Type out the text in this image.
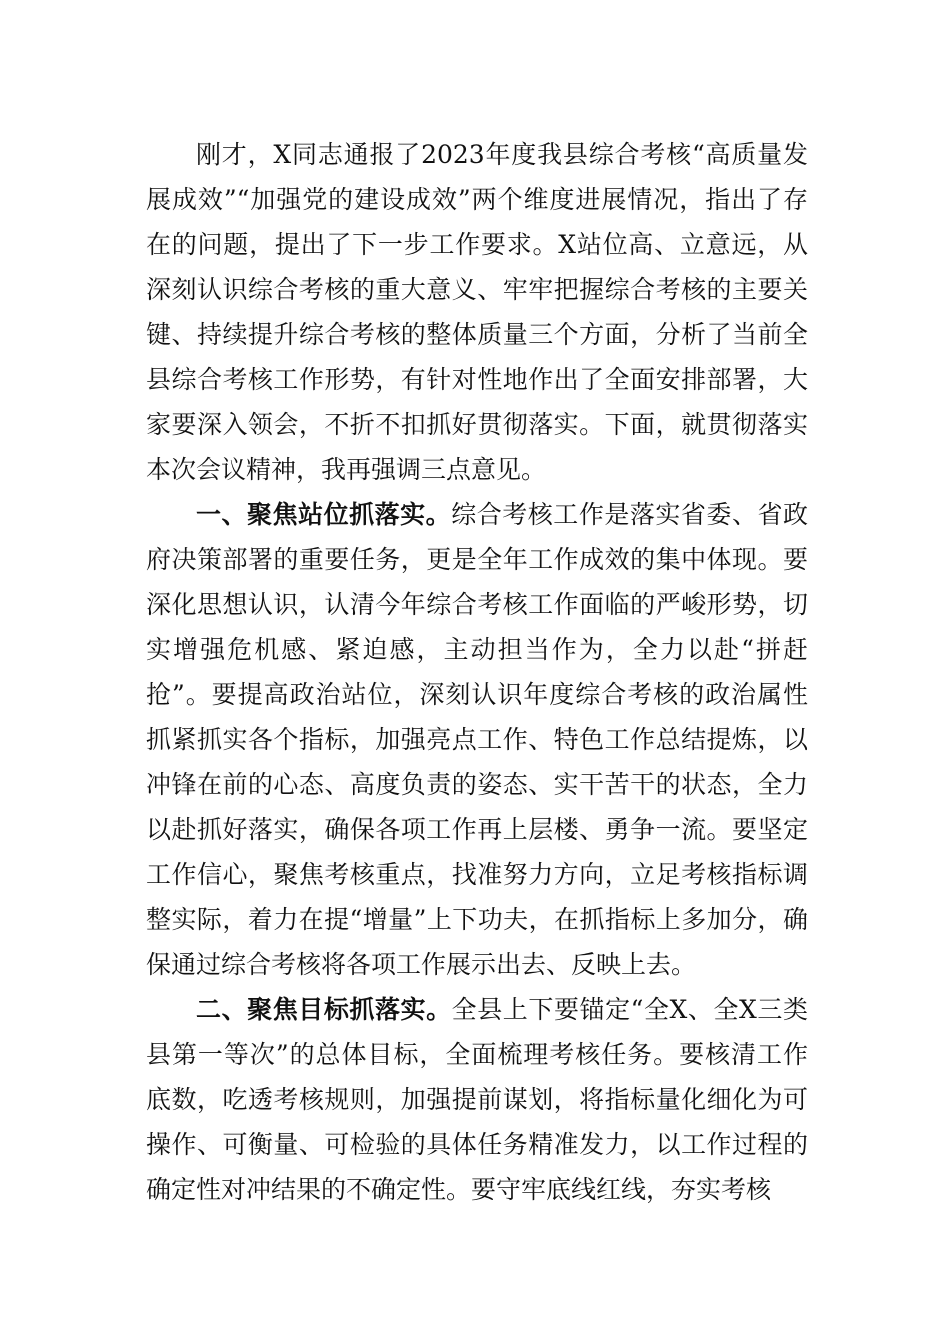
刚才，X同志通报了2023年度我县综合考核“高质量发展成效”“加强党的建设成效”两个维度进展情况，指出了存在的问题，提出了下一步工作要求。X站位高、立意远，从深刻认识综合考核的重大意义、牢牢把握综合考核的主要关键、持续提升综合考核的整体质量三个方面，分析了当前全县综合考核工作形势，有针对性地作出了全面安排部署，大家要深入领会，不折不扣抓好贯彻落实。下面，就贯彻落实本次会议精神，我再强调三点意见。

一、聚焦站位抓落实。综合考核工作是落实省委、省政府决策部署的重要任务，更是全年工作成效的集中体现。要深化思想认识，认清今年综合考核工作面临的严峻形势，切实增强危机感、紧迫感，主动担当作为，全力以赴“拼赶抢”。要提高政治站位，深刻认识年度综合考核的政治属性抓紧抓实各个指标，加强亮点工作、特色工作总结提炼，以冲锋在前的心态、高度负责的姿态、实干苦干的状态，全力以赴抓好落实，确保各项工作再上层楼、勇争一流。要坚定工作信心，聚焦考核重点，找准努力方向，立足考核指标调整实际，着力在提“增量”上下功夫，在抓指标上多加分，确保通过综合考核将各项工作展示出去、反映上去。

二、聚焦目标抓落实。全县上下要锚定“全X、全X三类县第一等次”的总体目标，全面梳理考核任务。要核清工作底数，吃透考核规则，加强提前谋划，将指标量化细化为可操作、可衡量、可检验的具体任务精准发力，以工作过程的确定性对冲结果的不确定性。要守牢底线红线，夯实考核
